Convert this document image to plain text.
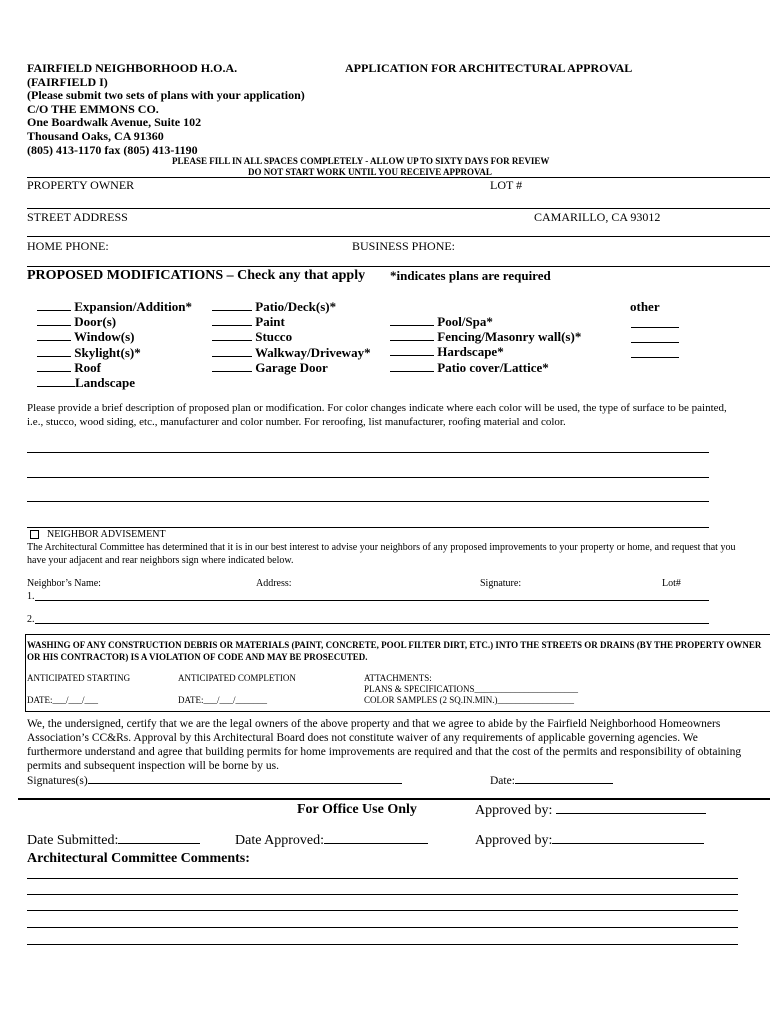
FAIRFIELD NEIGHBORHOOD H.O.A.
(FAIRFIELD I)
(Please submit two sets of plans with your application)
C/O THE EMMONS CO.
One Boardwalk Avenue, Suite 102
Thousand Oaks, CA 91360
(805) 413-1170 fax (805) 413-1190
APPLICATION FOR ARCHITECTURAL APPROVAL
PLEASE FILL IN ALL SPACES COMPLETELY - ALLOW UP TO SIXTY DAYS FOR REVIEW
DO NOT START WORK UNTIL YOU RECEIVE APPROVAL
PROPERTY OWNER	LOT #
STREET ADDRESS	CAMARILLO, CA 93012
HOME PHONE:	BUSINESS PHONE:
PROPOSED MODIFICATIONS – Check any that apply *indicates plans are required
Expansion/Addition*
Door(s)
Window(s)
Skylight(s)*
Roof
Landscape
Patio/Deck(s)*
Paint
Stucco
Walkway/Driveway*
Garage Door
Pool/Spa*
Fencing/Masonry wall(s)*
Hardscape*
Patio cover/Lattice*
other
Please provide a brief description of proposed plan or modification. For color changes indicate where each color will be used, the type of surface to be painted, i.e., stucco, wood siding, etc., manufacturer and color number. For reroofing, list manufacturer, roofing material and color.
NEIGHBOR ADVISEMENT
The Architectural Committee has determined that it is in our best interest to advise your neighbors of any proposed improvements to your property or home, and request that you have your adjacent and rear neighbors sign where indicated below.
Neighbor’s Name:	Address:	Signature:	Lot#
1.
2.
WASHING OF ANY CONSTRUCTION DEBRIS OR MATERIALS (PAINT, CONCRETE, POOL FILTER DIRT, ETC.) INTO THE STREETS OR DRAINS (BY THE PROPERTY OWNER OR HIS CONTRACTOR) IS A VIOLATION OF CODE AND MAY BE PROSECUTED.
ANTICIPATED STARTING	ANTICIPATED COMPLETION	ATTACHMENTS:
PLANS & SPECIFICATIONS_______________________
DATE:___/___/___	DATE:___/___/_______	COLOR SAMPLES (2 SQ.IN.MIN.)_________________
We, the undersigned, certify that we are the legal owners of the above property and that we agree to abide by the Fairfield Neighborhood Homeowners Association’s CC&Rs. Approval by this Architectural Board does not constitute waiver of any requirements of applicable governing agencies. We furthermore understand and agree that building permits for home improvements are required and that the cost of the permits and responsibility of obtaining permits and subsequent inspection will be borne by us.
Signatures(s)	Date:
For Office Use Only	Approved by:
Date Submitted:	Date Approved:	Approved by:
Architectural Committee Comments:
